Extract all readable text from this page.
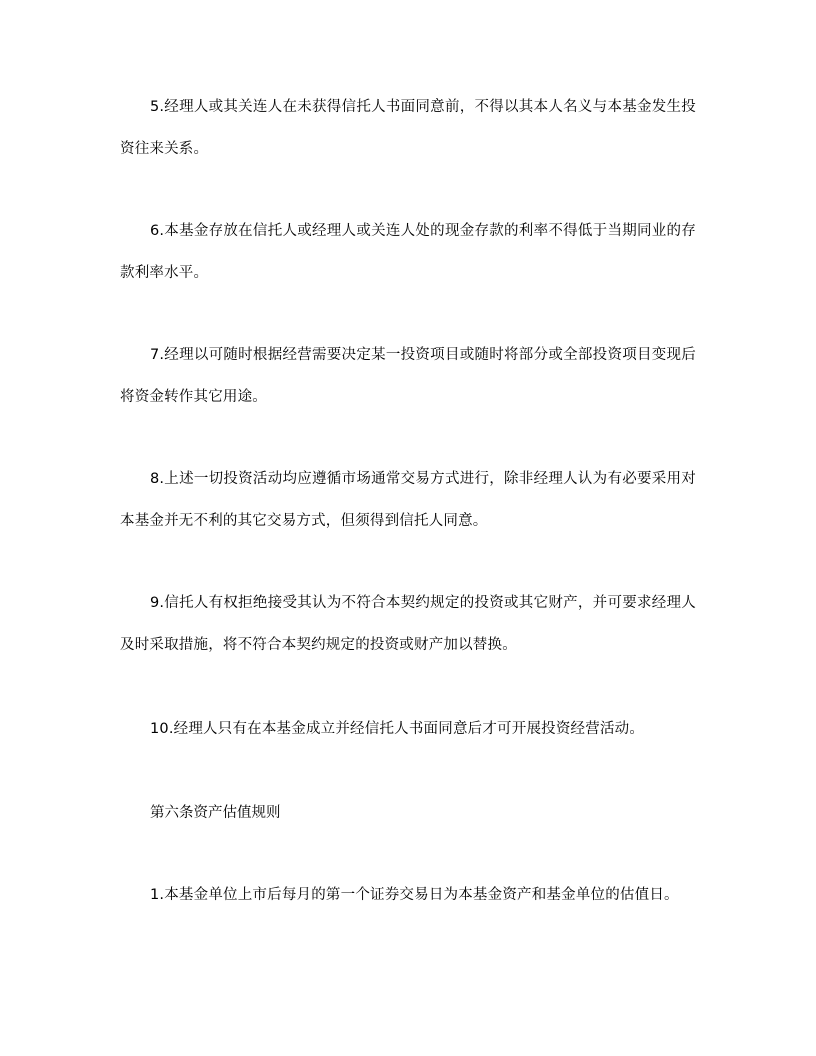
5.经理人或其关连人在未获得信托人书面同意前，不得以其本人名义与本基金发生投资往来关系。

6.本基金存放在信托人或经理人或关连人处的现金存款的利率不得低于当期同业的存款利率水平。

7.经理以可随时根据经营需要决定某一投资项目或随时将部分或全部投资项目变现后将资金转作其它用途。

8.上述一切投资活动均应遵循市场通常交易方式进行，除非经理人认为有必要采用对本基金并无不利的其它交易方式，但须得到信托人同意。

9.信托人有权拒绝接受其认为不符合本契约规定的投资或其它财产，并可要求经理人及时采取措施，将不符合本契约规定的投资或财产加以替换。

10.经理人只有在本基金成立并经信托人书面同意后才可开展投资经营活动。

第六条资产估值规则

1.本基金单位上市后每月的第一个证券交易日为本基金资产和基金单位的估值日。
